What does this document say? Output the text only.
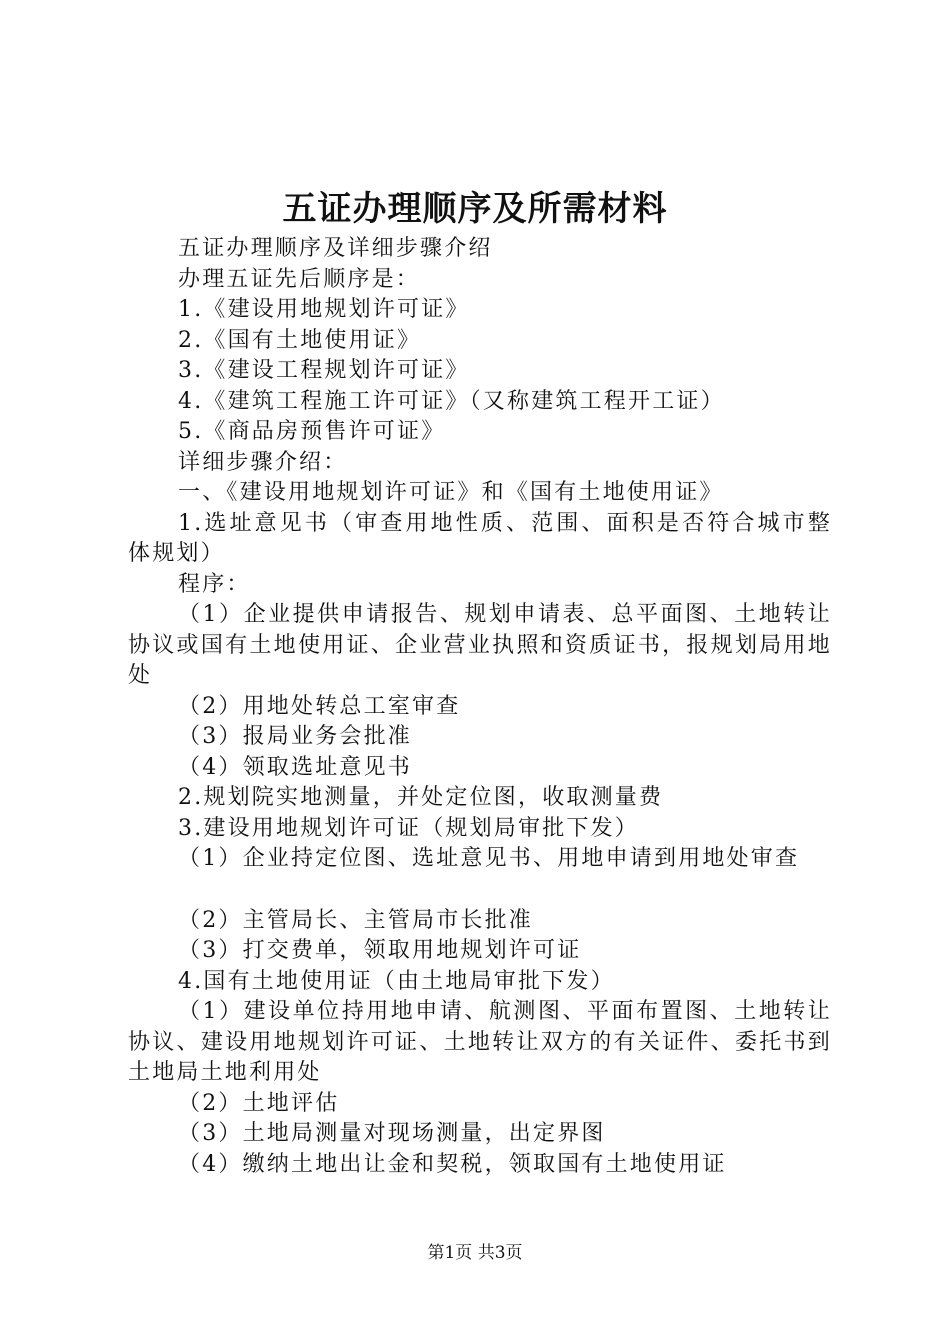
五证办理顺序及所需材料

五证办理顺序及详细步骤介绍

办理五证先后顺序是：

1.《建设用地规划许可证》

2.《国有土地使用证》

3.《建设工程规划许可证》

4.《建筑工程施工许可证》（又称建筑工程开工证）

5.《商品房预售许可证》

详细步骤介绍：

一、《建设用地规划许可证》和《国有土地使用证》

1.选址意见书（审查用地性质、范围、面积是否符合城市整体规划）

程序：

（1）企业提供申请报告、规划申请表、总平面图、土地转让协议或国有土地使用证、企业营业执照和资质证书，报规划局用地处

（2）用地处转总工室审查

（3）报局业务会批准

（4）领取选址意见书

2.规划院实地测量，并处定位图，收取测量费

3.建设用地规划许可证（规划局审批下发）

（1）企业持定位图、选址意见书、用地申请到用地处审查

（2）主管局长、主管局市长批准

（3）打交费单，领取用地规划许可证

4.国有土地使用证（由土地局审批下发）

（1）建设单位持用地申请、航测图、平面布置图、土地转让协议、建设用地规划许可证、土地转让双方的有关证件、委托书到土地局土地利用处

（2）土地评估

（3）土地局测量对现场测量，出定界图

（4）缴纳土地出让金和契税，领取国有土地使用证

第1页 共3页
